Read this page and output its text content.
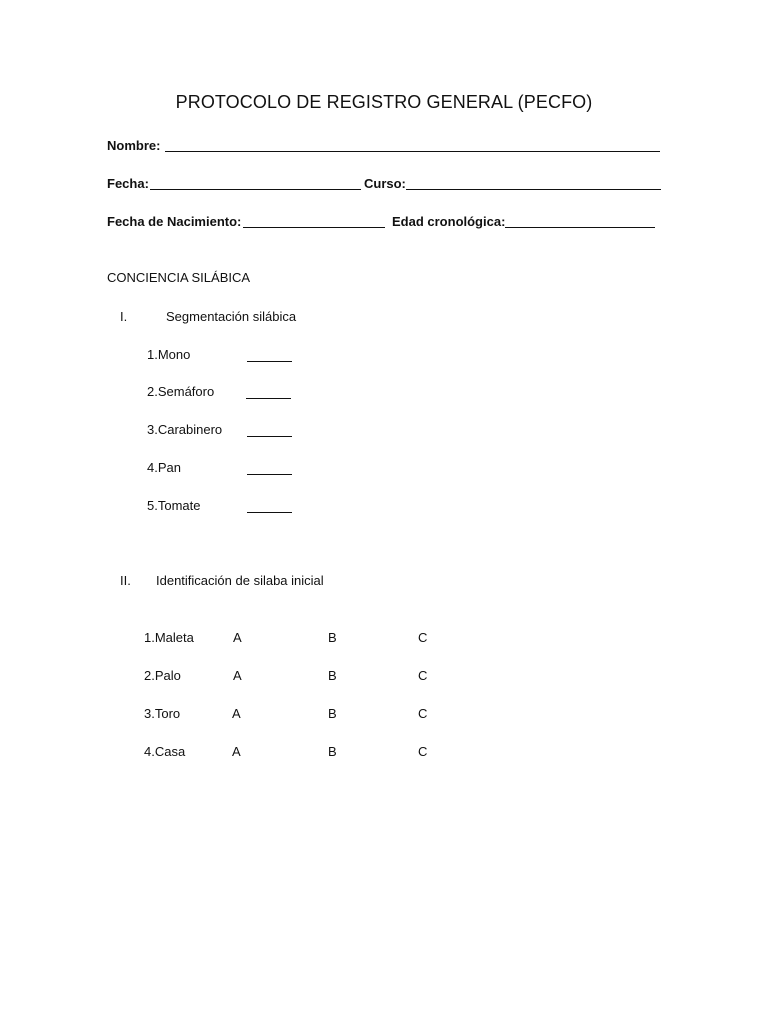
PROTOCOLO DE REGISTRO GENERAL (PECFO)
Nombre:
Fecha:	Curso:
Fecha de Nacimiento:	Edad cronológica:
CONCIENCIA SILÁBICA
I.	Segmentación silábica
1.Mono
2.Semáforo
3.Carabinero
4.Pan
5.Tomate
II. Identificación de silaba inicial
1.Maleta	A	B	C
2.Palo	A	B	C
3.Toro	A	B	C
4.Casa	A	B	C
